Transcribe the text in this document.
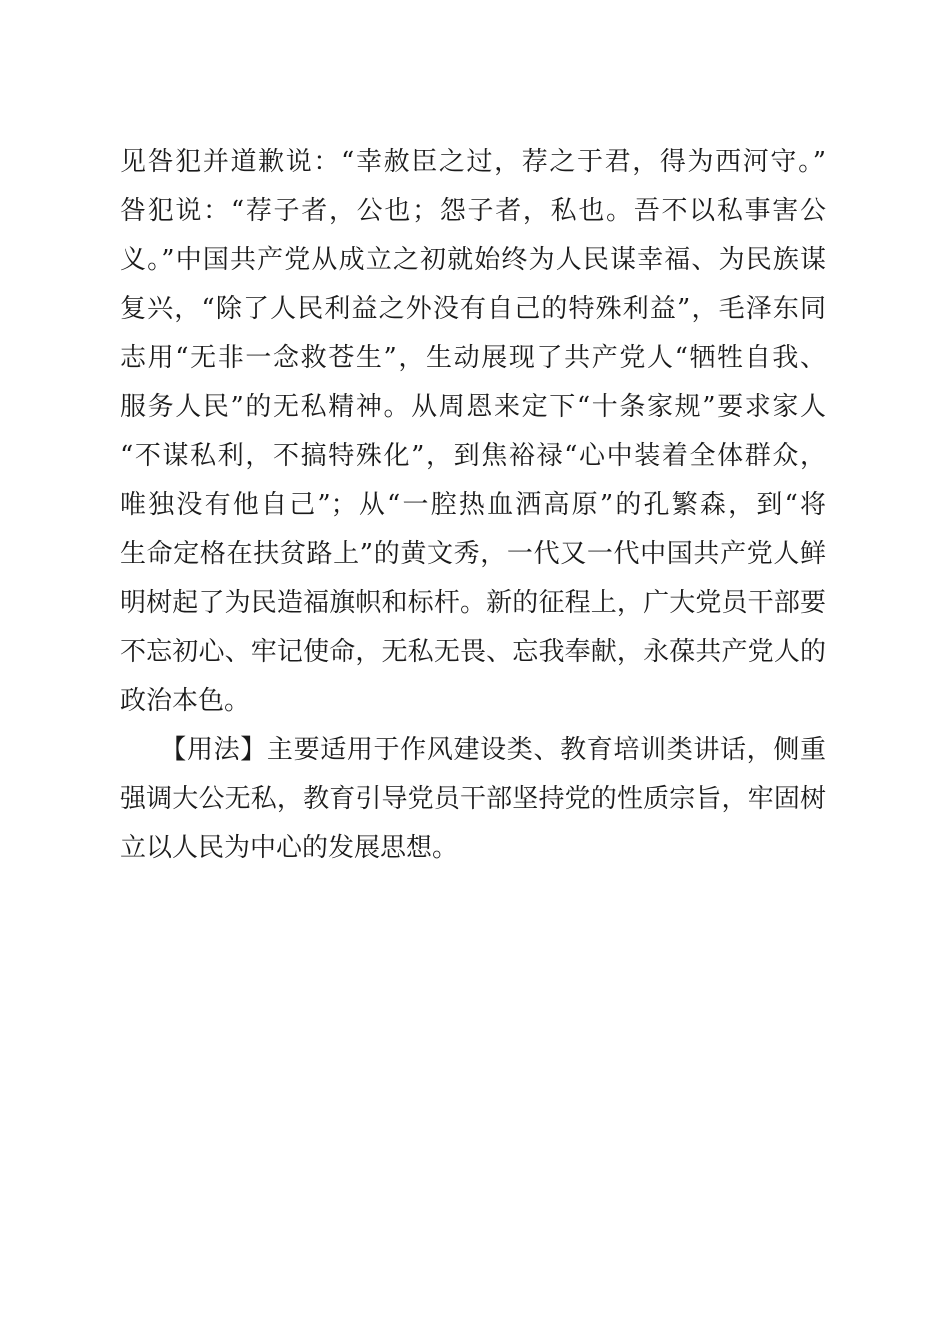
见咎犯并道歉说：“幸赦臣之过，荐之于君，得为西河守。”
咎犯说：“荐子者，公也；怨子者，私也。吾不以私事害公
义。”中国共产党从成立之初就始终为人民谋幸福、为民族谋
复兴，“除了人民利益之外没有自己的特殊利益”，毛泽东同
志用“无非一念救苍生”，生动展现了共产党人“牺牲自我、
服务人民”的无私精神。从周恩来定下“十条家规”要求家人
“不谋私利，不搞特殊化”，到焦裕禄“心中装着全体群众，
唯独没有他自己”；从“一腔热血洒高原”的孔繁森，到“将
生命定格在扶贫路上”的黄文秀，一代又一代中国共产党人鲜
明树起了为民造福旗帜和标杆。新的征程上，广大党员干部要
不忘初心、牢记使命，无私无畏、忘我奉献，永葆共产党人的
政治本色。
　　【用法】主要适用于作风建设类、教育培训类讲话，侧重
强调大公无私，教育引导党员干部坚持党的性质宗旨，牢固树
立以人民为中心的发展思想。
